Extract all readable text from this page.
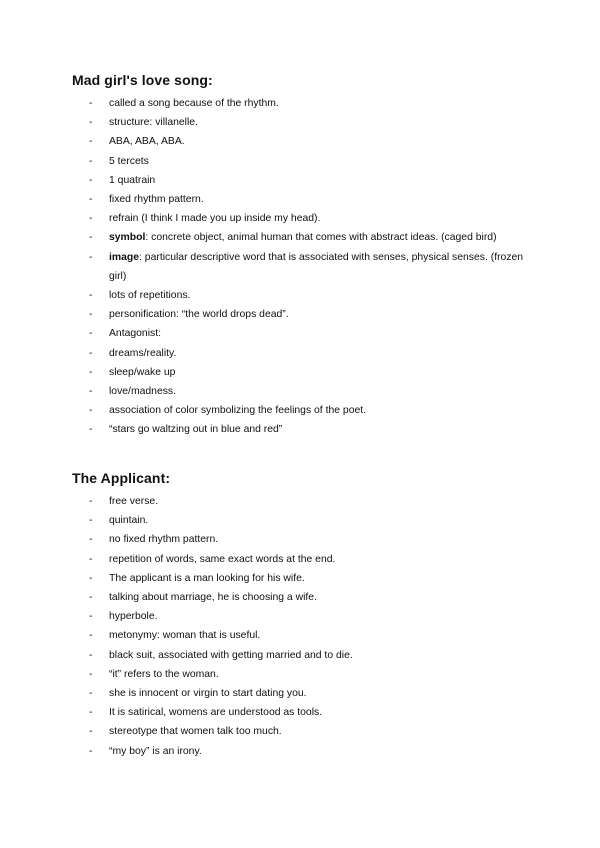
Mad girl's love song:
- called a song because of the rhythm.
- structure: villanelle.
- ABA, ABA, ABA.
- 5 tercets
- 1 quatrain
- fixed rhythm pattern.
- refrain (I think I made you up inside my head).
- symbol: concrete object, animal human that comes with abstract ideas. (caged bird)
- image: particular descriptive word that is associated with senses, physical senses. (frozen girl)
- lots of repetitions.
- personification: “the world drops dead”.
- Antagonist:
- dreams/reality.
- sleep/wake up
- love/madness.
- association of color symbolizing the feelings of the poet.
- “stars go waltzing out in blue and red”
The Applicant:
- free verse.
- quintain.
- no fixed rhythm pattern.
- repetition of words, same exact words at the end.
- The applicant is a man looking for his wife.
- talking about marriage, he is choosing a wife.
- hyperbole.
- metonymy: woman that is useful.
- black suit, associated with getting married and to die.
- “it” refers to the woman.
- she is innocent or virgin to start dating you.
- It is satirical, womens are understood as tools.
- stereotype that women talk too much.
- “my boy” is an irony.
